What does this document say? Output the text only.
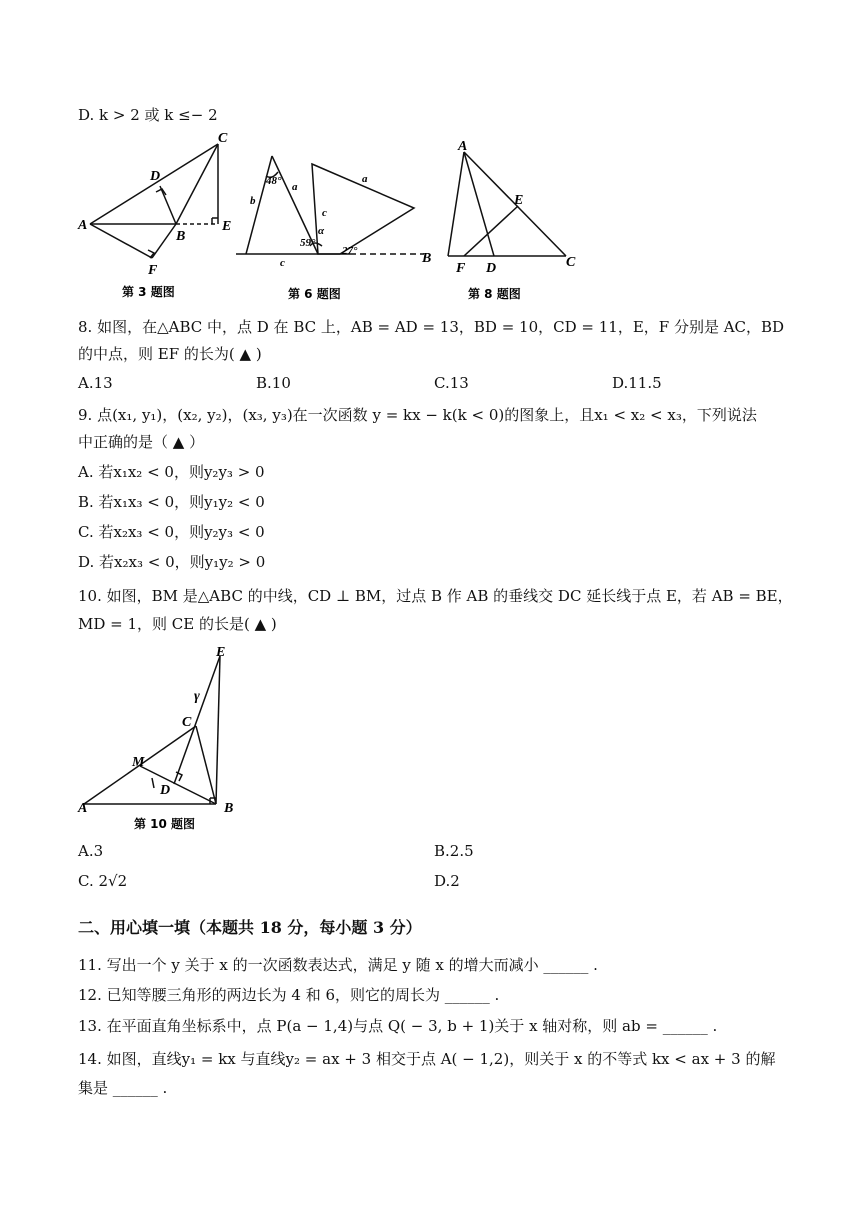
D. k > 2 或 k ≤− 2
A
B
C
D
E
F
第 3 题图
48° a
b
c
59°
α
27°
c
a
B
第 6 题图
A
E
F D	C
第 8 题图
8. 如图，在△ABC 中，点 D 在 BC 上，AB = AD = 13，BD = 10，CD = 11，E，F 分别是 AC，BD
的中点，则 EF 的长为( ▲ )
A.13	B.10	C.13	D.11.5
9. 点(x₁, y₁)，(x₂, y₂)，(x₃, y₃)在一次函数 y = kx − k(k < 0)的图象上，且x₁ < x₂ < x₃，下列说法
中正确的是（ ▲ ）
A. 若x₁x₂ < 0，则y₂y₃ > 0
B. 若x₁x₃ < 0，则y₁y₂ < 0
C. 若x₂x₃ < 0，则y₂y₃ < 0
D. 若x₂x₃ < 0，则y₁y₂ > 0
10. 如图，BM 是△ABC 的中线，CD ⊥ BM，过点 B 作 AB 的垂线交 DC 延长线于点 E，若 AB = BE，
MD = 1，则 CE 的长是( ▲ )
E
γ
C
M
D
A	B
第 10 题图
A.3	B.2.5
C. 2√2	D.2
二、用心填一填（本题共 18 分，每小题 3 分）
11. 写出一个 y 关于 x 的一次函数表达式，满足 y 随 x 的增大而减小 ______ .
12. 已知等腰三角形的两边长为 4 和 6，则它的周长为 ______ .
13. 在平面直角坐标系中，点 P(a − 1,4)与点 Q( − 3, b + 1)关于 x 轴对称，则 ab = ______ .
14. 如图，直线y₁ = kx 与直线y₂ = ax + 3 相交于点 A( − 1,2)，则关于 x 的不等式 kx < ax + 3 的解
集是 ______ .
